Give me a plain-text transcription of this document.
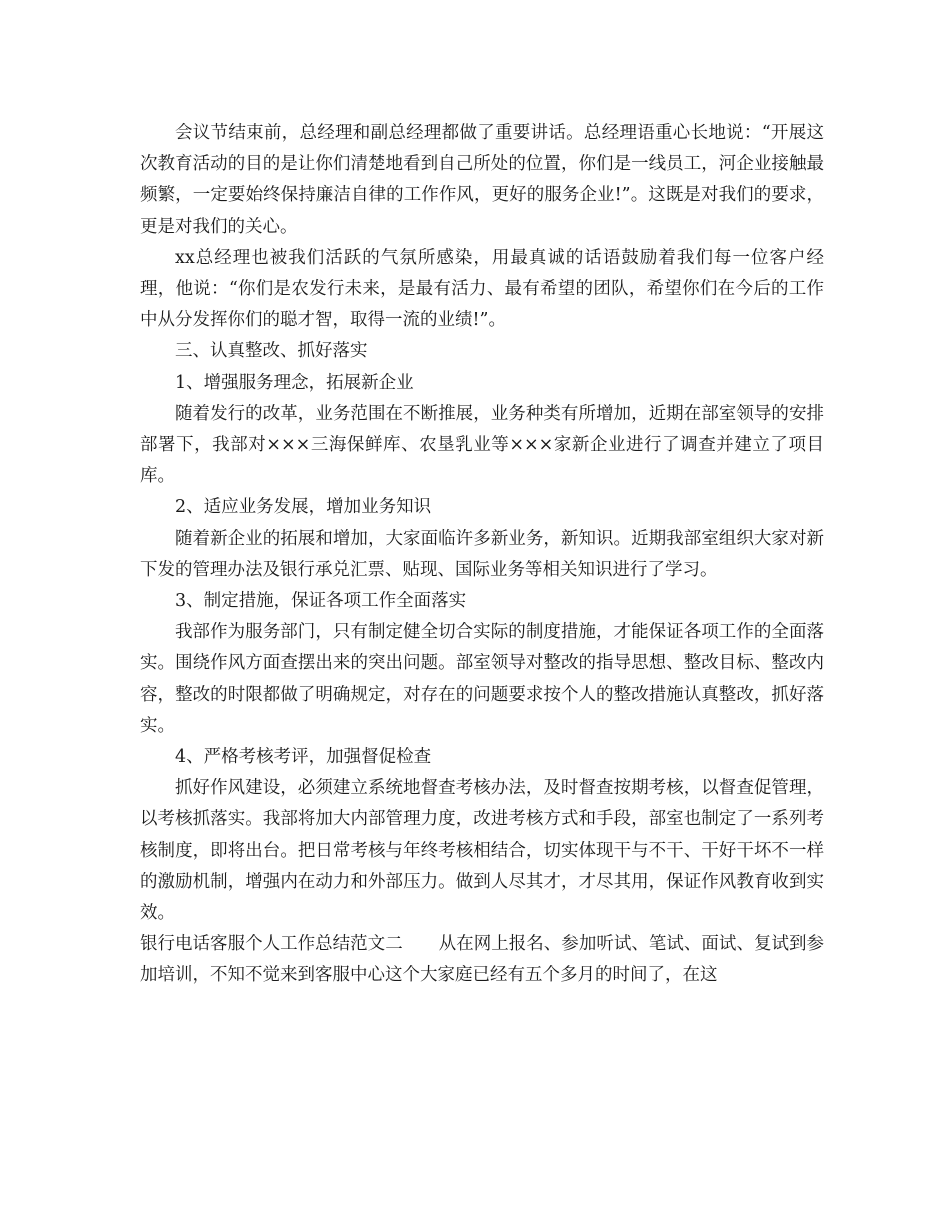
会议节结束前，总经理和副总经理都做了重要讲话。总经理语重心长地说：“开展这次教育活动的目的是让你们清楚地看到自己所处的位置，你们是一线员工，河企业接触最频繁，一定要始终保持廉洁自律的工作作风，更好的服务企业!”。这既是对我们的要求，更是对我们的关心。

xx总经理也被我们活跃的气氛所感染，用最真诚的话语鼓励着我们每一位客户经理，他说：“你们是农发行未来，是最有活力、最有希望的团队，希望你们在今后的工作中从分发挥你们的聪才智，取得一流的业绩!”。

三、认真整改、抓好落实

1、增强服务理念，拓展新企业

随着发行的改革，业务范围在不断推展，业务种类有所增加，近期在部室领导的安排部署下，我部对×××三海保鲜库、农垦乳业等×××家新企业进行了调查并建立了项目库。

2、适应业务发展，增加业务知识

随着新企业的拓展和增加，大家面临许多新业务，新知识。近期我部室组织大家对新下发的管理办法及银行承兑汇票、贴现、国际业务等相关知识进行了学习。

3、制定措施，保证各项工作全面落实

我部作为服务部门，只有制定健全切合实际的制度措施，才能保证各项工作的全面落实。围绕作风方面查摆出来的突出问题。部室领导对整改的指导思想、整改目标、整改内容，整改的时限都做了明确规定，对存在的问题要求按个人的整改措施认真整改，抓好落实。

4、严格考核考评，加强督促检查

抓好作风建设，必须建立系统地督查考核办法，及时督查按期考核，以督查促管理，以考核抓落实。我部将加大内部管理力度，改进考核方式和手段，部室也制定了一系列考核制度，即将出台。把日常考核与年终考核相结合，切实体现干与不干、干好干坏不一样的激励机制，增强内在动力和外部压力。做到人尽其才，才尽其用，保证作风教育收到实效。

银行电话客服个人工作总结范文二 从在网上报名、参加听试、笔试、面试、复试到参加培训，不知不觉来到客服中心这个大家庭已经有五个多月的时间了，在这
